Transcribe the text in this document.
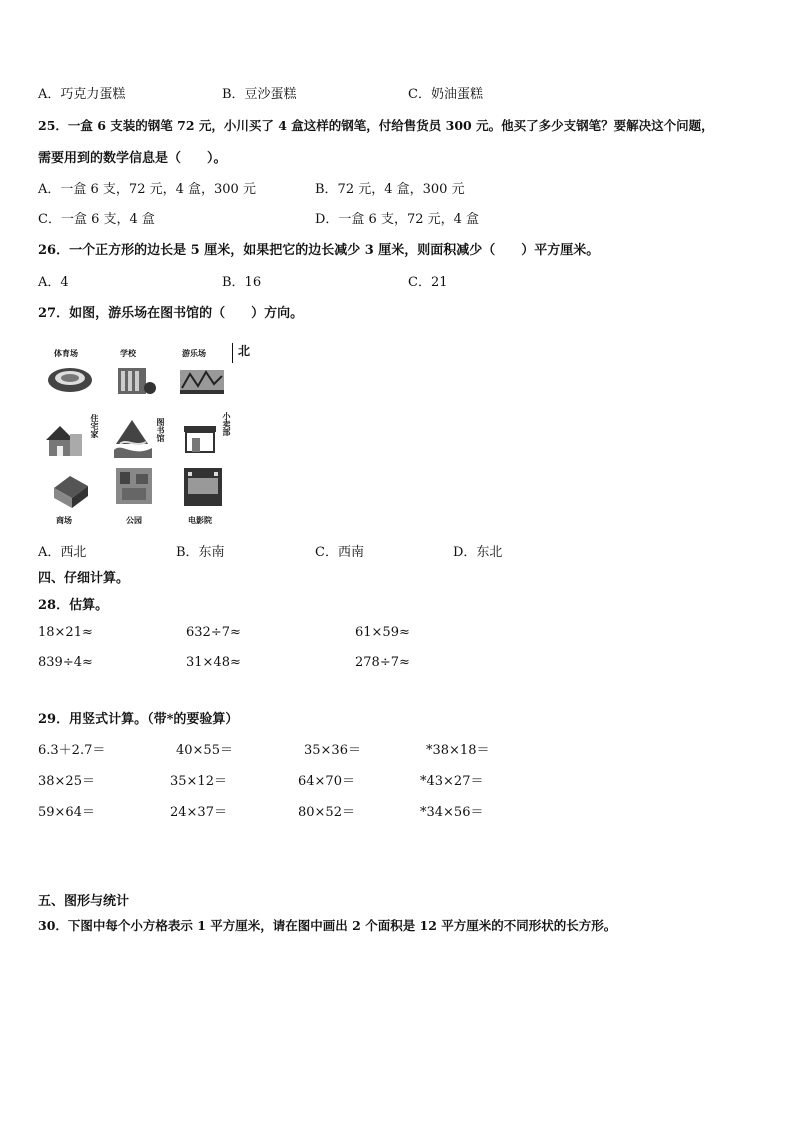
A．巧克力蛋糕	B．豆沙蛋糕	C．奶油蛋糕
25．一盒 6 支装的钢笔 72 元，小川买了 4 盒这样的钢笔，付给售货员 300 元。他买了多少支钢笔？要解决这个问题，
需要用到的数学信息是（　　）。
A．一盒 6 支，72 元，4 盒，300 元	B．72 元，4 盒，300 元
C．一盒 6 支，4 盒	D．一盒 6 支，72 元，4 盒
26．一个正方形的边长是 5 厘米，如果把它的边长减少 3 厘米，则面积减少（　　）平方厘米。
A．4	B．16	C．21
27．如图，游乐场在图书馆的（　　）方向。
北
体育场	学校	游乐场
住宅家	图书馆	小卖部
商场	公园	电影院
A．西北	B．东南	C．西南	D．东北
四、仔细计算。
28．估算。
18×21≈	632÷7≈	61×59≈
839÷4≈	31×48≈	278÷7≈
29．用竖式计算。（带*的要验算）
6.3＋2.7＝	40×55＝	35×36＝	*38×18＝
38×25＝	35×12＝	64×70＝	*43×27＝
59×64＝	24×37＝	80×52＝	*34×56＝
五、图形与统计
30．下图中每个小方格表示 1 平方厘米，请在图中画出 2 个面积是 12 平方厘米的不同形状的长方形。
